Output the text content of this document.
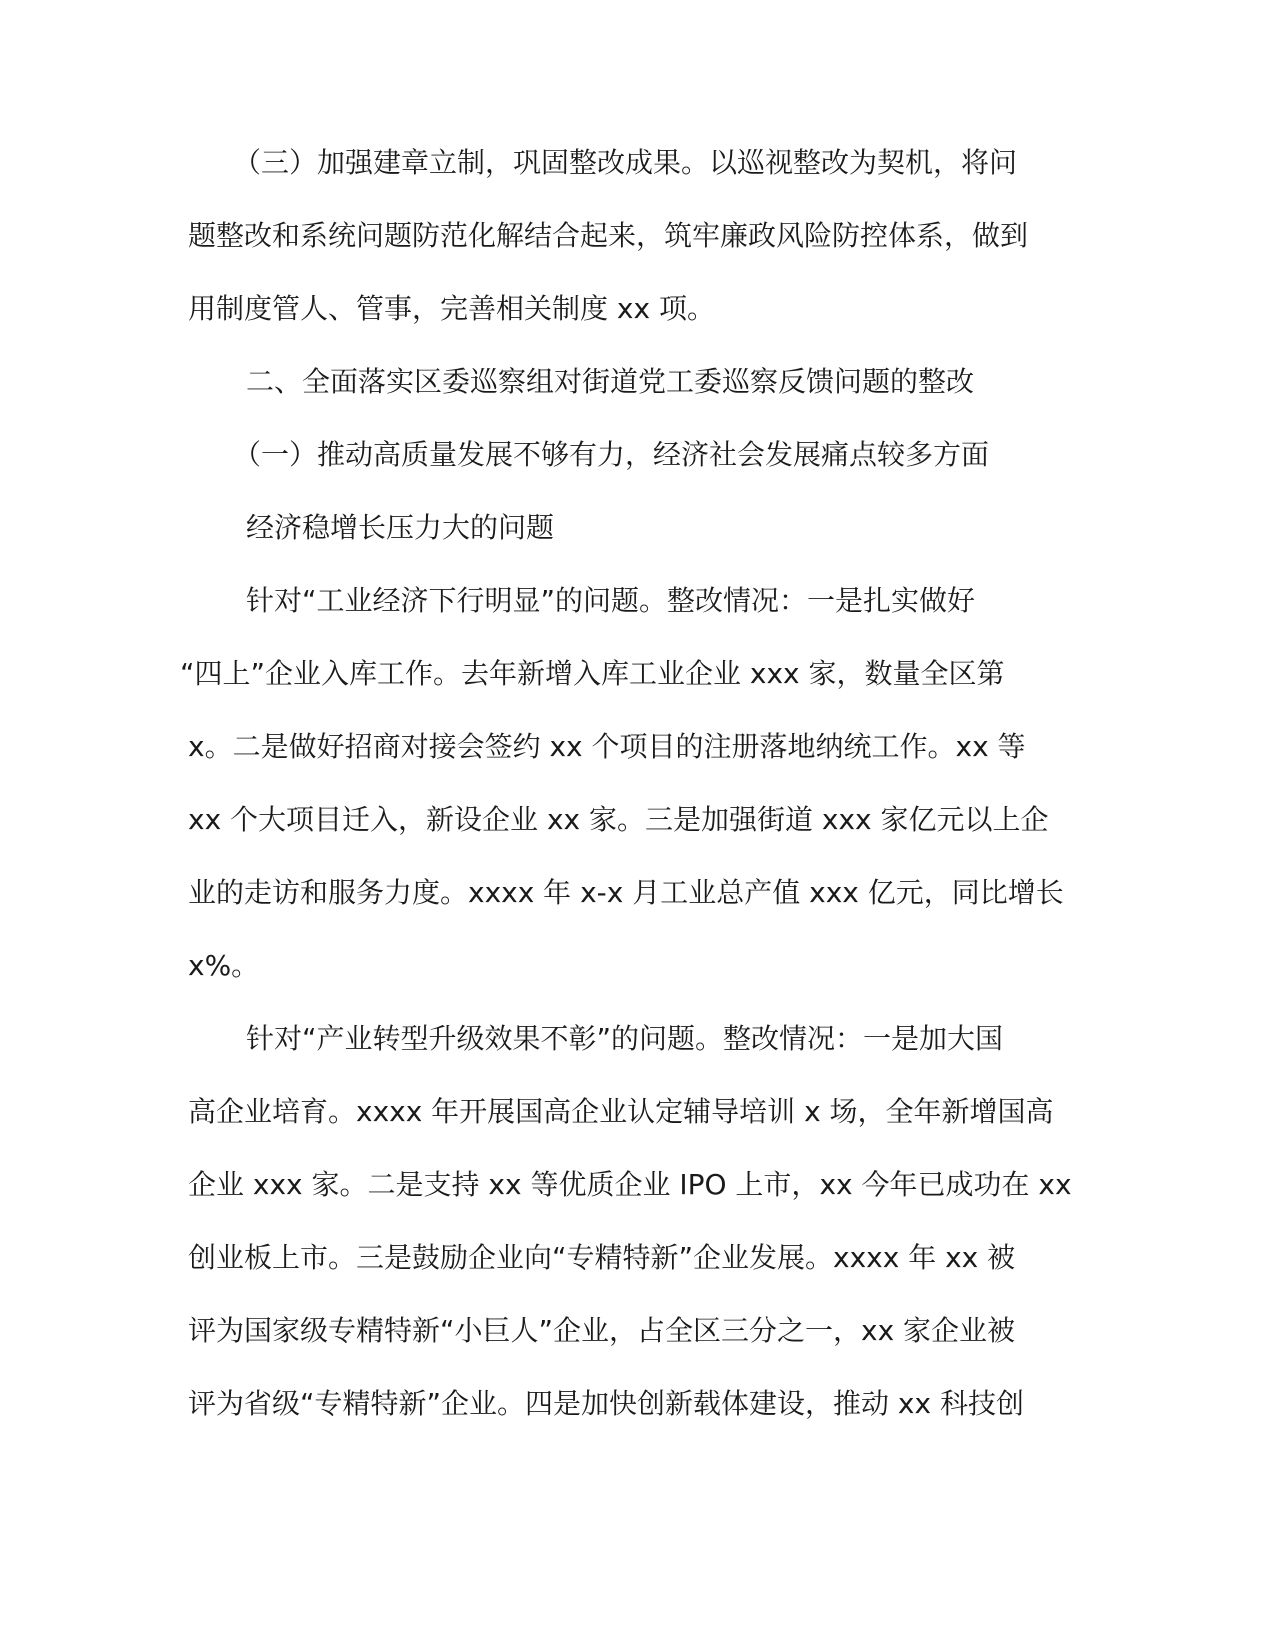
（三）加强建章立制，巩固整改成果。以巡视整改为契机，将问
题整改和系统问题防范化解结合起来，筑牢廉政风险防控体系，做到
用制度管人、管事，完善相关制度 xx 项。
二、全面落实区委巡察组对街道党工委巡察反馈问题的整改
（一）推动高质量发展不够有力，经济社会发展痛点较多方面
经济稳增长压力大的问题
针对“工业经济下行明显”的问题。整改情况：一是扎实做好
“四上”企业入库工作。去年新增入库工业企业 xxx 家，数量全区第
x。二是做好招商对接会签约 xx 个项目的注册落地纳统工作。xx 等
xx 个大项目迁入，新设企业 xx 家。三是加强街道 xxx 家亿元以上企
业的走访和服务力度。xxxx 年 x-x 月工业总产值 xxx 亿元，同比增长
x%。
针对“产业转型升级效果不彰”的问题。整改情况：一是加大国
高企业培育。xxxx 年开展国高企业认定辅导培训 x 场，全年新增国高
企业 xxx 家。二是支持 xx 等优质企业 IPO 上市，xx 今年已成功在 xx
创业板上市。三是鼓励企业向“专精特新”企业发展。xxxx 年 xx 被
评为国家级专精特新“小巨人”企业，占全区三分之一，xx 家企业被
评为省级“专精特新”企业。四是加快创新载体建设，推动 xx 科技创
